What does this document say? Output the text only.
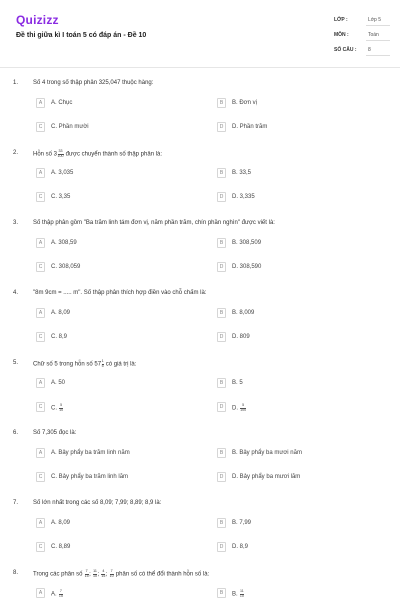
Quizizz
Đề thi giữa kì I toán 5 có đáp án - Đề 10
LỚP :	Lớp 5
MÔN :	Toán
SỐ CÂU : 8
1. Số 4 trong số thập phân 325,047 thuộc hàng:
A	A. Chục	B	B. Đơn vị
C	C. Phần mười	D	D. Phần trăm
2. Hỗn số $3 \frac{33}{100}$ được chuyển thành số thập phân là:
A	A. 3,035	B	B. 33,5
C	C. 3,35	D	D. 3,335
3. Số thập phân gồm "Ba trăm linh tám đơn vị, năm phần trăm, chín phần nghìn" được viết là:
A	A. 308,59	B	B. 308,509
C	C. 308,059	D	D. 308,590
4. "8m 9cm = ..... m". Số thập phân thích hợp điền vào chỗ chấm là:
A	A. 8,09	B	B. 8,009
C	C. 8,9	D	D. 809
5. Chữ số 5 trong hỗn số $57 \frac{1}{5}$ có giá trị là:
A	A. 50	B	B. 5
C	C. $\frac{5}{10}$	D	D. $\frac{5}{100}$
6. Số 7,305 đọc là:
A	A. Bảy phẩy ba trăm linh năm	B	B. Bảy phẩy ba mươi năm
C	C. Bảy phẩy ba trăm linh lăm	D	D. Bảy phẩy ba mươi lăm
7. Số lớn nhất trong các số 8,09; 7,99; 8,89; 8,9 là:
A	A. 8,09	B	B. 7,99
C	C. 8,89	D	D. 8,9
8. Trong các phân số $\frac{7}{15}$ ; $\frac{11}{10}$ ; $\frac{4}{15}$ ; $\frac{7}{10}$ phân số có thể đổi thành hỗn số là:
A	A. $\frac{7}{15}$	B	B. $\frac{11}{10}$
